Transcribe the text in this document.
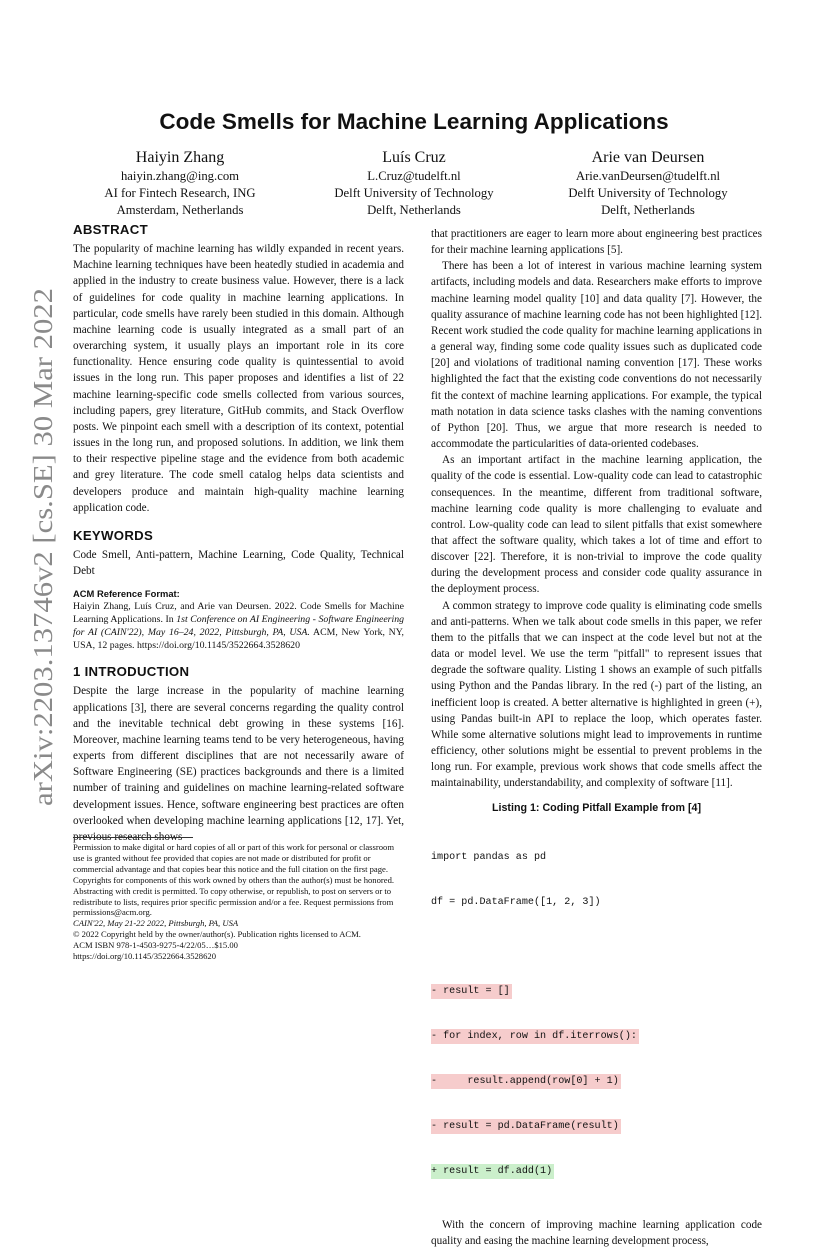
arXiv:2203.13746v2 [cs.SE] 30 Mar 2022
Code Smells for Machine Learning Applications
Haiyin Zhang
haiyin.zhang@ing.com
AI for Fintech Research, ING
Amsterdam, Netherlands
Luís Cruz
L.Cruz@tudelft.nl
Delft University of Technology
Delft, Netherlands
Arie van Deursen
Arie.vanDeursen@tudelft.nl
Delft University of Technology
Delft, Netherlands
ABSTRACT

The popularity of machine learning has wildly expanded in recent years. Machine learning techniques have been heatedly studied in academia and applied in the industry to create business value. However, there is a lack of guidelines for code quality in machine learning applications. In particular, code smells have rarely been studied in this domain. Although machine learning code is usually integrated as a small part of an overarching system, it usually plays an important role in its core functionality. Hence ensuring code quality is quintessential to avoid issues in the long run. This paper proposes and identifies a list of 22 machine learning-specific code smells collected from various sources, including papers, grey literature, GitHub commits, and Stack Overflow posts. We pinpoint each smell with a description of its context, potential issues in the long run, and proposed solutions. In addition, we link them to their respective pipeline stage and the evidence from both academic and grey literature. The code smell catalog helps data scientists and developers produce and maintain high-quality machine learning application code.

KEYWORDS

Code Smell, Anti-pattern, Machine Learning, Code Quality, Technical Debt

ACM Reference Format:

Haiyin Zhang, Luís Cruz, and Arie van Deursen. 2022. Code Smells for Machine Learning Applications. In 1st Conference on AI Engineering - Software Engineering for AI (CAIN'22), May 16–24, 2022, Pittsburgh, PA, USA. ACM, New York, NY, USA, 12 pages. https://doi.org/10.1145/3522664.3528620

1 INTRODUCTION

Despite the large increase in the popularity of machine learning applications [3], there are several concerns regarding the quality control and the inevitable technical debt growing in these systems [16]. Moreover, machine learning teams tend to be very heterogeneous, having experts from different disciplines that are not necessarily aware of Software Engineering (SE) practices backgrounds and there is a limited number of training and guidelines on machine learning-related software development issues. Hence, software engineering best practices are often overlooked when developing machine learning applications [12, 17]. Yet, previous research shows

Permission to make digital or hard copies of all or part of this work for personal or classroom use is granted without fee provided that copies are not made or distributed for profit or commercial advantage and that copies bear this notice and the full citation on the first page. Copyrights for components of this work owned by others than the author(s) must be honored. Abstracting with credit is permitted. To copy otherwise, or republish, to post on servers or to redistribute to lists, requires prior specific permission and/or a fee. Request permissions from permissions@acm.org.

CAIN'22, May 21-22 2022, Pittsburgh, PA, USA

© 2022 Copyright held by the owner/author(s). Publication rights licensed to ACM.

ACM ISBN 978-1-4503-9275-4/22/05…$15.00

https://doi.org/10.1145/3522664.3528620

that practitioners are eager to learn more about engineering best practices for their machine learning applications [5].

There has been a lot of interest in various machine learning system artifacts, including models and data. Researchers make efforts to improve machine learning model quality [10] and data quality [7]. However, the quality assurance of machine learning code has not been highlighted [12]. Recent work studied the code quality for machine learning applications in a general way, finding some code quality issues such as duplicated code [20] and violations of traditional naming convention [17]. These works highlighted the fact that the existing code conventions do not necessarily fit the context of machine learning applications. For example, the typical math notation in data science tasks clashes with the naming conventions of Python [20]. Thus, we argue that more research is needed to accommodate the particularities of data-oriented codebases.

As an important artifact in the machine learning application, the quality of the code is essential. Low-quality code can lead to catastrophic consequences. In the meantime, different from traditional software, machine learning code quality is more challenging to evaluate and control. Low-quality code can lead to silent pitfalls that exist somewhere that affect the software quality, which takes a lot of time and effort to discover [22]. Therefore, it is non-trivial to improve the code quality during the development process and consider code quality assurance in the deployment process.

A common strategy to improve code quality is eliminating code smells and anti-patterns. When we talk about code smells in this paper, we refer them to the pitfalls that we can inspect at the code level but not at the data or model level. We use the term "pitfall" to represent issues that degrade the software quality. Listing 1 shows an example of such pitfalls using Python and the Pandas library. In the red (-) part of the listing, an inefficient loop is created. A better alternative is highlighted in green (+), using Pandas built-in API to replace the loop, which operates faster. While some alternative solutions might lead to improvements in runtime efficiency, other solutions might be essential to prevent problems in the long run. For example, previous work shows that code smells affect the maintainability, understandability, and complexity of software [11].

Listing 1: Coding Pitfall Example from [4]

import pandas as pd

df = pd.DataFrame([1, 2, 3])

- result = []

- for index, row in df.iterrows():

-     result.append(row[0] + 1)

- result = pd.DataFrame(result)

+ result = df.add(1)

With the concern of improving machine learning application code quality and easing the machine learning development process,
